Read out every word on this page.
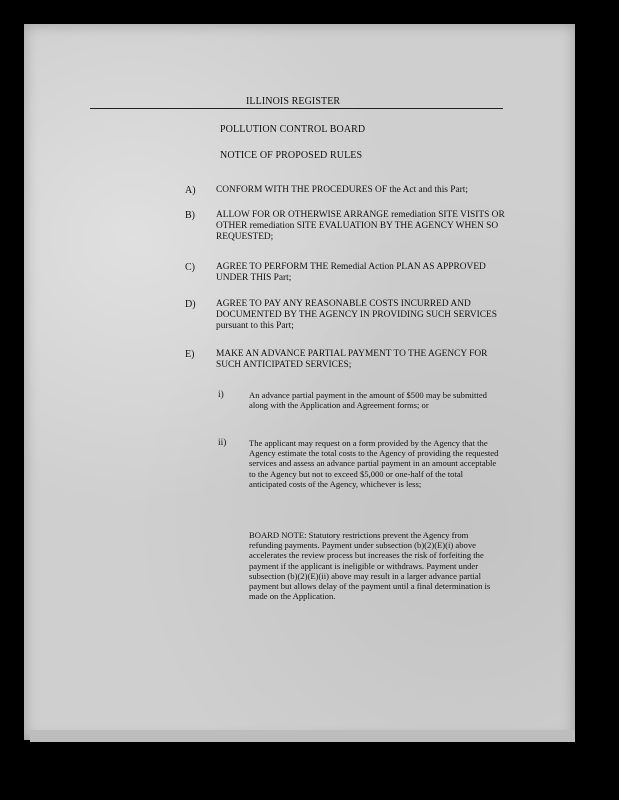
ILLINOIS REGISTER
POLLUTION CONTROL BOARD
NOTICE OF PROPOSED RULES
A) CONFORM WITH THE PROCEDURES OF the Act and this Part;
B) ALLOW FOR OR OTHERWISE ARRANGE remediation SITE VISITS OR OTHER remediation SITE EVALUATION BY THE AGENCY WHEN SO REQUESTED;
C) AGREE TO PERFORM THE Remedial Action PLAN AS APPROVED UNDER THIS Part;
D) AGREE TO PAY ANY REASONABLE COSTS INCURRED AND DOCUMENTED BY THE AGENCY IN PROVIDING SUCH SERVICES pursuant to this Part;
E) MAKE AN ADVANCE PARTIAL PAYMENT TO THE AGENCY FOR SUCH ANTICIPATED SERVICES;
i)	An advance partial payment in the amount of $500 may be submitted along with the Application and Agreement forms; or
ii)	The applicant may request on a form provided by the Agency that the Agency estimate the total costs to the Agency of providing the requested services and assess an advance partial payment in an amount acceptable to the Agency but not to exceed $5,000 or one-half of the total anticipated costs of the Agency, whichever is less;
BOARD NOTE: Statutory restrictions prevent the Agency from refunding payments. Payment under subsection (b)(2)(E)(i) above accelerates the review process but increases the risk of forfeiting the payment if the applicant is ineligible or withdraws. Payment under subsection (b)(2)(E)(ii) above may result in a larger advance partial payment but allows delay of the payment until a final determination is made on the Application.
